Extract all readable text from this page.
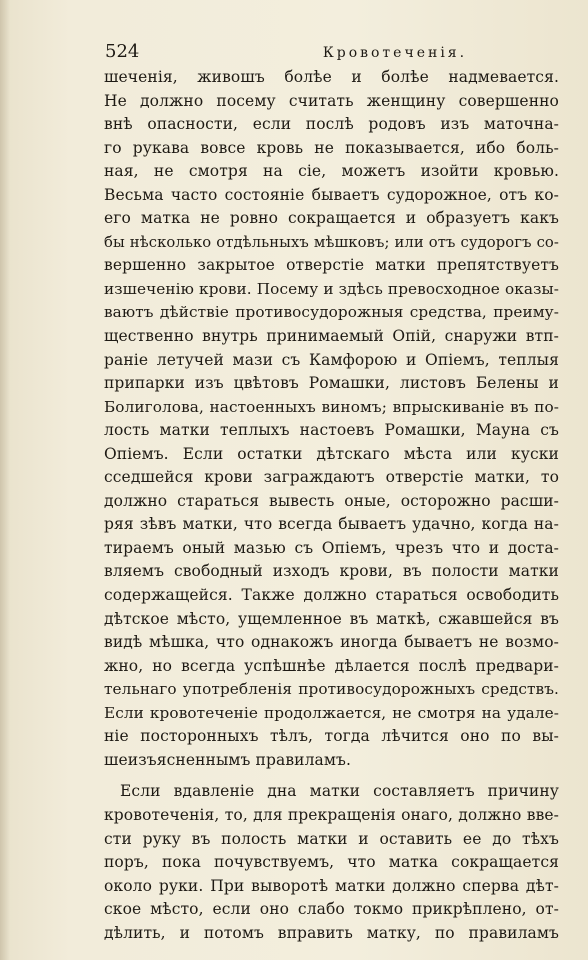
524	Кровотеченiя.
шеченія, живошъ болѣе и болѣе надмевается.
Не должно посему считать женщину совершенно
внѣ опасности, если послѣ родовъ изъ маточна-
го рукава вовсе кровь не показывается, ибо боль-
ная, не смотря на сіе, можетъ изойти кровью.
Весьма часто состояніе бываетъ судорожное, отъ ко-
его матка не ровно сокращается и образуетъ какъ
бы нѣсколько отдѣльныхъ мѣшковъ; или отъ судорогъ со-
вершенно закрытое отверстіе матки препятствуетъ
изшеченію крови. Посему и здѣсь превосходное оказы-
ваютъ дѣйствіе противосудорожныя средства, преиму-
щественно внутрь принимаемый Опій, снаружи втп-
раніе летучей мази съ Камфорою и Опіемъ, теплыя
припарки изъ цвѣтовъ Ромашки, листовъ Белены и
Болиголова, настоенныхъ виномъ; впрыскиваніе въ по-
лость матки теплыхъ настоевъ Ромашки, Мауна съ
Опіемъ. Если остатки дѣтскаго мѣста или куски
сседшейся крови заграждаютъ отверстіе матки, то
должно стараться вывесть оные, осторожно расши-
ряя зѣвъ матки, что всегда бываетъ удачно, когда на-
тираемъ оный мазью съ Опіемъ, чрезъ что и доста-
вляемъ свободный изходъ крови, въ полости матки
содержащейся. Также должно стараться освободить
дѣтское мѣсто, ущемленное въ маткѣ, сжавшейся въ
видѣ мѣшка, что однакожъ иногда бываетъ не возмо-
жно, но всегда успѣшнѣе дѣлается послѣ предвари-
тельнаго употребленія противосудорожныхъ средствъ.
Если кровотеченіе продолжается, не смотря на удале-
ніе посторонныхъ тѣлъ, тогда лѣчится оно по вы-
шеизъясненнымъ правиламъ.
Если вдавленіе дна матки составляетъ причину
кровотеченія, то, для прекращенія онаго, должно вве-
сти руку въ полость матки и оставить ее до тѣхъ
поръ, пока почувствуемъ, что матка сокращается
около руки. При выворотѣ матки должно сперва дѣт-
ское мѣсто, если оно слабо токмо прикрѣплено, от-
дѣлить, и потомъ вправить матку, по правиламъ
